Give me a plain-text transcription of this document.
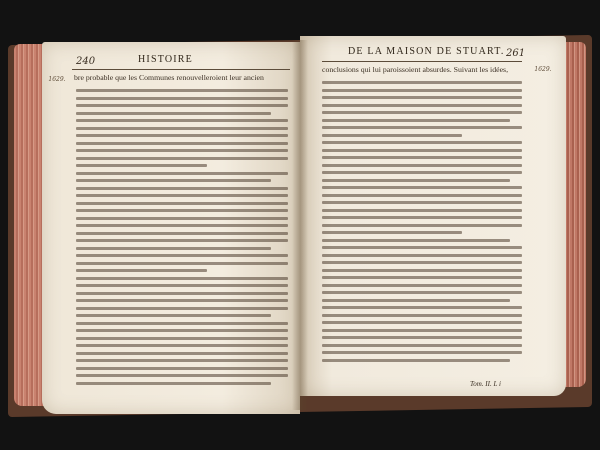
240	HISTOIRE
1629.	bre probable que les Communes renouvelleroient leur ancien
DE LA MAISON DE STUART. 261
1629.
conclusions qui lui paroissoient absurdes. Suivant les idées,
Tom. II. L i
